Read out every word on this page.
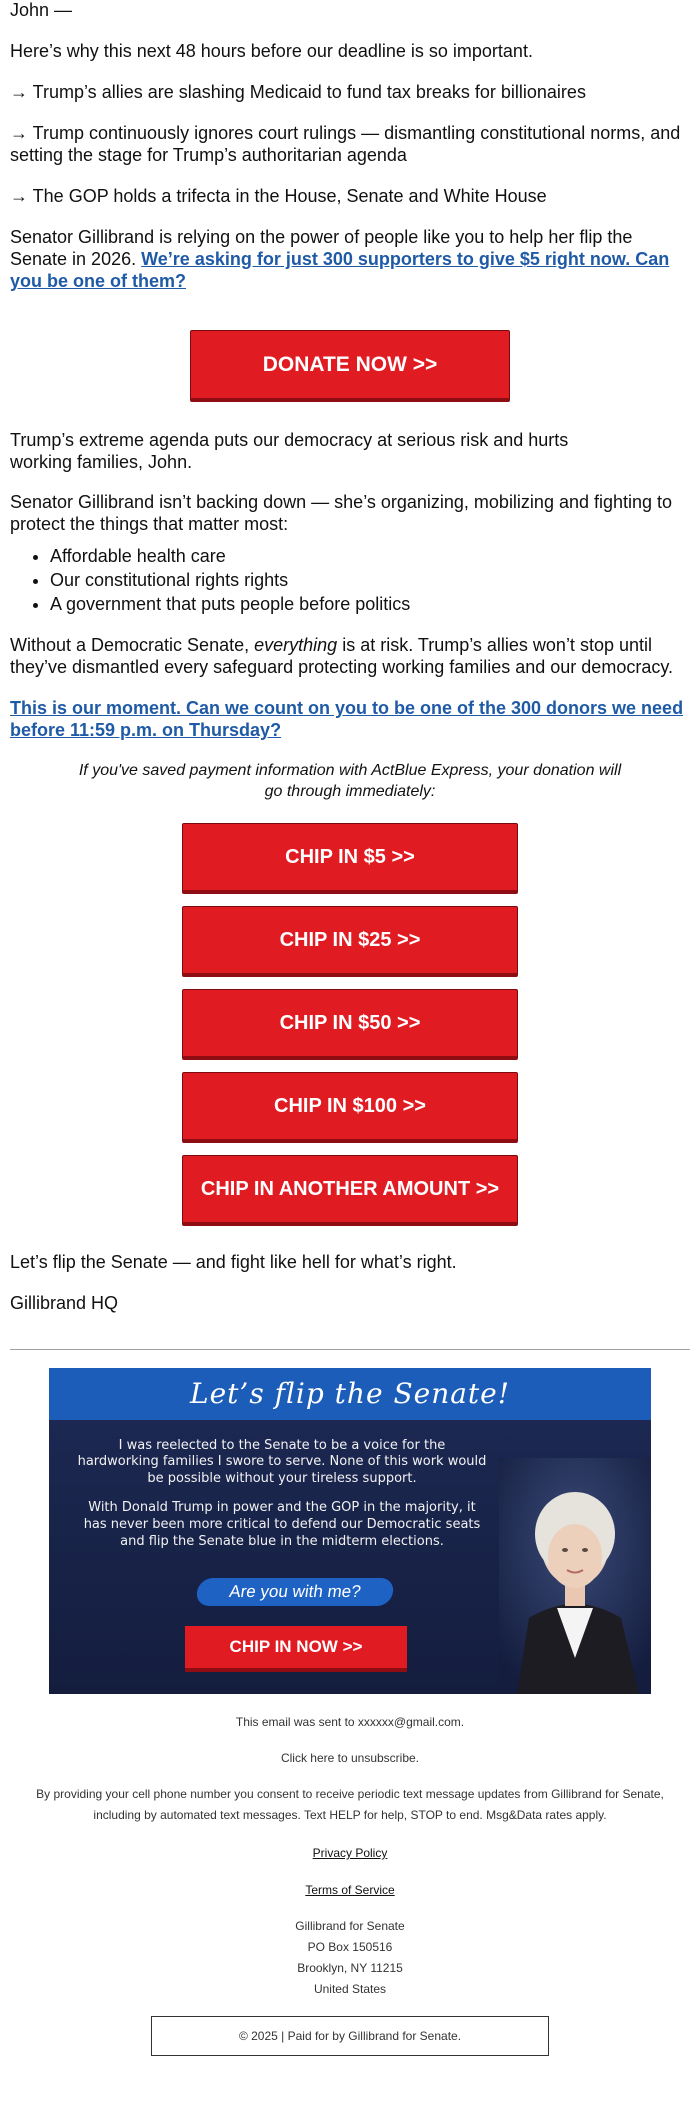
John —

Here’s why this next 48 hours before our deadline is so important.

→ Trump’s allies are slashing Medicaid to fund tax breaks for billionaires

→ Trump continuously ignores court rulings — dismantling constitutional norms, and setting the stage for Trump’s authoritarian agenda

→ The GOP holds a trifecta in the House, Senate and White House

Senator Gillibrand is relying on the power of people like you to help her flip the Senate in 2026. We’re asking for just 300 supporters to give $5 right now. Can you be one of them?

DONATE NOW >>

Trump’s extreme agenda puts our democracy at serious risk and hurts working families, John.

Senator Gillibrand isn’t backing down — she’s organizing, mobilizing and fighting to protect the things that matter most:

• Affordable health care
• Our constitutional rights rights
• A government that puts people before politics

Without a Democratic Senate, everything is at risk. Trump’s allies won’t stop until they’ve dismantled every safeguard protecting working families and our democracy.

This is our moment. Can we count on you to be one of the 300 donors we need before 11:59 p.m. on Thursday?

If you've saved payment information with ActBlue Express, your donation will go through immediately:

CHIP IN $5 >>
CHIP IN $25 >>
CHIP IN $50 >>
CHIP IN $100 >>
CHIP IN ANOTHER AMOUNT >>

Let’s flip the Senate — and fight like hell for what’s right.

Gillibrand HQ

Let’s flip the Senate!

I was reelected to the Senate to be a voice for the hardworking families I swore to serve. None of this work would be possible without your tireless support.

With Donald Trump in power and the GOP in the majority, it has never been more critical to defend our Democratic seats and flip the Senate blue in the midterm elections.

Are you with me?
CHIP IN NOW >>

This email was sent to xxxxxx@gmail.com.

Click here to unsubscribe.

By providing your cell phone number you consent to receive periodic text message updates from Gillibrand for Senate, including by automated text messages. Text HELP for help, STOP to end. Msg&Data rates apply.

Privacy Policy

Terms of Service

Gillibrand for Senate
PO Box 150516
Brooklyn, NY 11215
United States

© 2025 | Paid for by Gillibrand for Senate.
